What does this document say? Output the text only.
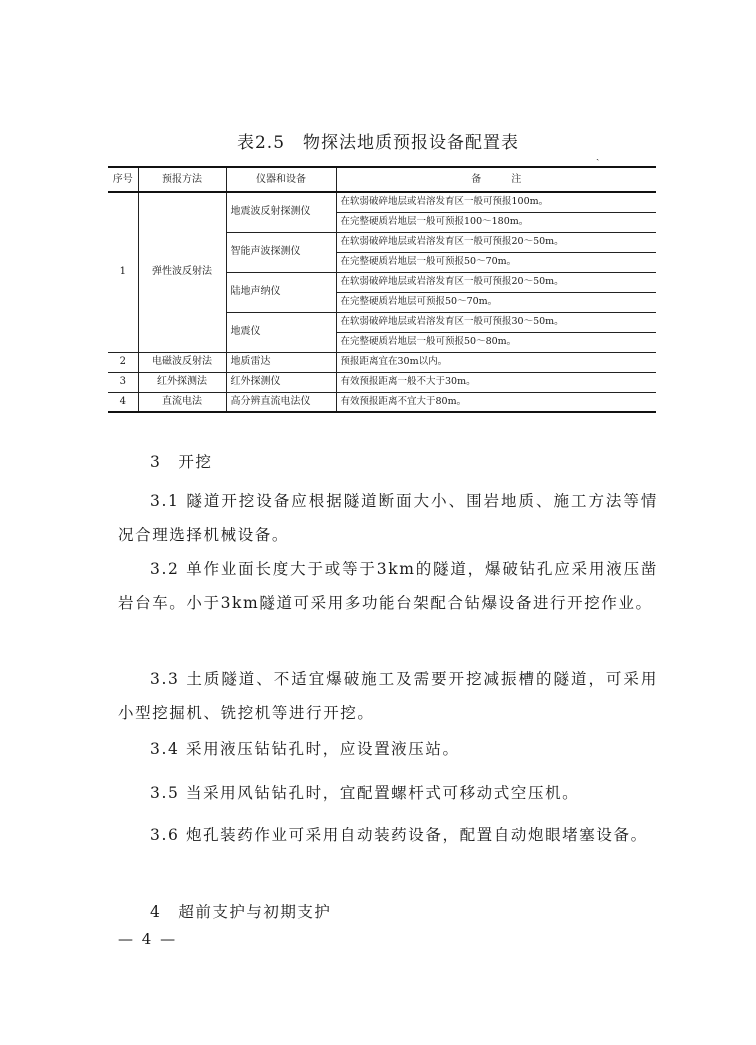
表2.5 物探法地质预报设备配置表
ˏ
序号	预报方法	仪器和设备	备　　　注
1	弹性波反射法	地震波反射探测仪	在软弱破碎地层或岩溶发育区一般可预报100m。
			在完整硬质岩地层一般可预报100～180m。
		智能声波探测仪	在软弱破碎地层或岩溶发育区一般可预报20～50m。
			在完整硬质岩地层一般可预报50～70m。
		陆地声纳仪	在软弱破碎地层或岩溶发育区一般可预报20～50m。
			在完整硬质岩地层可预报50～70m。
		地震仪	在软弱破碎地层或岩溶发育区一般可预报30～50m。
			在完整硬质岩地层一般可预报50～80m。
2	电磁波反射法	地质雷达	预报距离宜在30m以内。
3	红外探测法	红外探测仪	有效预报距离一般不大于30m。
4	直流电法	高分辨直流电法仪	有效预报距离不宜大于80m。
3　开挖
3.1 隧道开挖设备应根据隧道断面大小、围岩地质、施工方法等情况合理选择机械设备。
3.2 单作业面长度大于或等于3km的隧道，爆破钻孔应采用液压凿岩台车。小于3km隧道可采用多功能台架配合钻爆设备进行开挖作业。
3.3 土质隧道、不适宜爆破施工及需要开挖减振槽的隧道，可采用小型挖掘机、铣挖机等进行开挖。
3.4 采用液压钻钻孔时，应设置液压站。
3.5 当采用风钻钻孔时，宜配置螺杆式可移动式空压机。
3.6 炮孔装药作业可采用自动装药设备，配置自动炮眼堵塞设备。
4　超前支护与初期支护
— 4 —
